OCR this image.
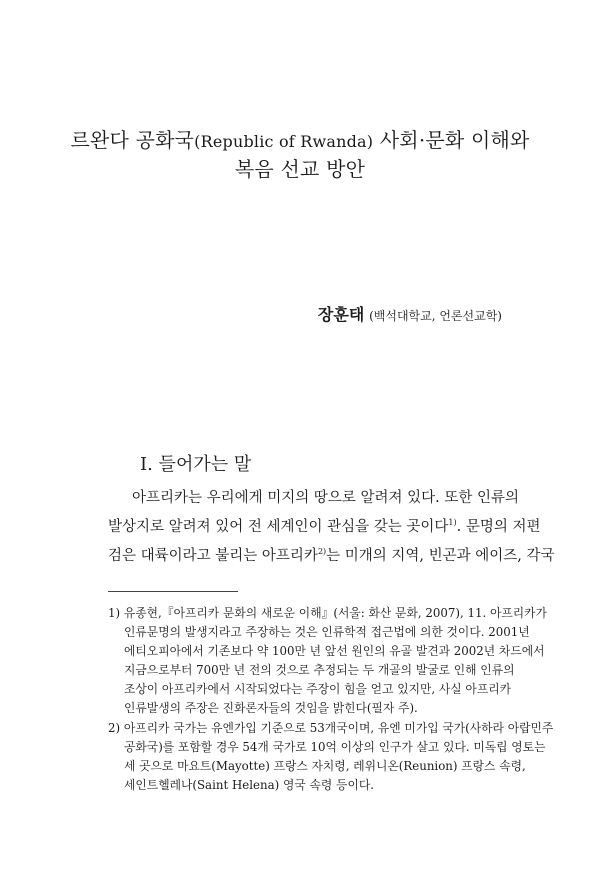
르완다 공화국(Republic of Rwanda) 사회·문화 이해와
복음 선교 방안
장훈태 (백석대학교, 언론선교학)
Ⅰ. 들어가는 말

아프리카는 우리에게 미지의 땅으로 알려져 있다. 또한 인류의

발상지로 알려져 있어 전 세계인이 관심을 갖는 곳이다$^{1)}$. 문명의 저편

검은 대륙이라고 불리는 아프리카$^{2)}$는 미개의 지역, 빈곤과 에이즈, 각국

1) 유종현,『아프리카 문화의 새로운 이해』(서울: 화산 문화, 2007), 11. 아프리카가

인류문명의 발생지라고 주장하는 것은 인류학적 접근법에 의한 것이다. 2001년

에티오피아에서 기존보다 약 100만 년 앞선 원인의 유골 발견과 2002년 차드에서

지금으로부터 700만 년 전의 것으로 추정되는 두 개골의 발굴로 인해 인류의

조상이 아프리카에서 시작되었다는 주장이 힘을 얻고 있지만, 사실 아프리카

인류발생의 주장은 진화론자들의 것임을 밝힌다(필자 주).

2) 아프리카 국가는 유엔가입 기준으로 53개국이며, 유엔 미가입 국가(사하라 아랍민주

공화국)를 포함할 경우 54개 국가로 10억 이상의 인구가 살고 있다. 미독립 영토는

세 곳으로 마요트(Mayotte) 프랑스 자치령, 레위니온(Reunion) 프랑스 속령,

세인트헬레나(Saint Helena) 영국 속령 등이다.
